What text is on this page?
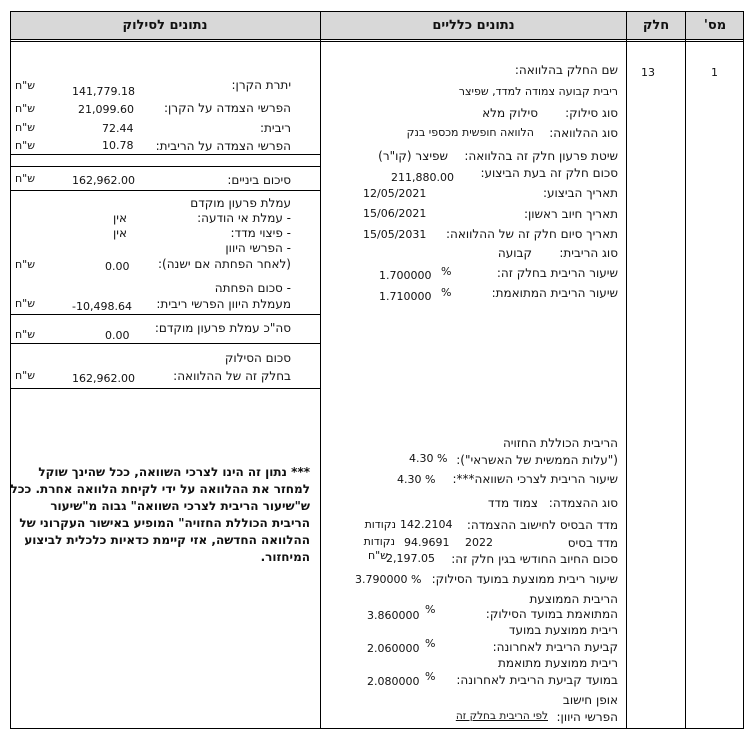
נתונים לסילוק	נתונים כלליים	חלק	מס'
1
13
שם החלק בהלוואה:
ריבית קבועה צמודה למדד, שפיצר
סוג סילוק:
סילוק מלא
סוג ההלוואה:
הלוואה חופשית מכספי בנק
שיטת פרעון חלק זה בהלוואה:
שפיצר (קו"ר)
סכום חלק זה בעת הביצוע:
211,880.00
תאריך הביצוע:
12/05/2021
תאריך חיוב ראשון:
15/06/2021
תאריך סיום חלק זה של ההלוואה:
15/05/2031
סוג הריבית:
קבועה
שיעור הריבית בחלק זה:
%
1.700000
שיעור הריבית המתואמת:
%
1.710000
הריבית הכוללת החזויה
("עלות הממשית של האשראי"):
4.30 %
שיעור הריבית לצרכי השוואה***:
4.30 %
סוג ההצמדה:
צמוד מדד
מדד הבסיס לחישוב ההצמדה:
142.2104
נקודות
מדד בסיס
2022
94.9691
נקודות
סכום החיוב החודשי בגין חלק זה:
2,197.05
ש"ח
שיעור ריבית ממוצעת במועד הסילוק:
3.790000 %
הריבית הממוצעת
המתואמת במועד הסילוק:
%
3.860000
ריבית ממוצעת במועד
קביעת הריבית לאחרונה:
%
2.060000
ריבית ממוצעת מתואמת
במועד קביעת הריבית לאחרונה:
%
2.080000
אופן חישוב
הפרשי היוון:
לפי הריבית בחלק זה
יתרת הקרן:
141,779.18
ש"ח
הפרשי הצמדה על הקרן:
21,099.60
ש"ח
ריבית:
72.44
ש"ח
הפרשי הצמדה על הריבית:
10.78
ש"ח
סיכום ביניים:
162,962.00
ש"ח
עמלת פרעון מוקדם
- עמלת אי הודעה:
אין
- פיצוי מדד:
אין
- הפרשי היוון
(לאחר הפחתה אם ישנה):
0.00
ש"ח
- סכום הפחתה
מעמלת היוון הפרשי ריבית:
-10,498.64
ש"ח
סה"כ עמלת פרעון מוקדם:
0.00
ש"ח
סכום הסילוק
בחלק זה של ההלוואה:
162,962.00
ש"ח
*** נתון זה הינו לצרכי השוואה, ככל שהינך שוקל למחזר את ההלוואה על ידי לקיחת הלוואה אחרת. ככל ש"שיעור הריבית לצרכי השוואה" גבוה מ"שיעור הריבית הכוללת החזויה" המופיע באישור העקרוני של ההלוואה החדשה, אזי קיימת כדאיות כלכלית לביצוע המיחזור.
